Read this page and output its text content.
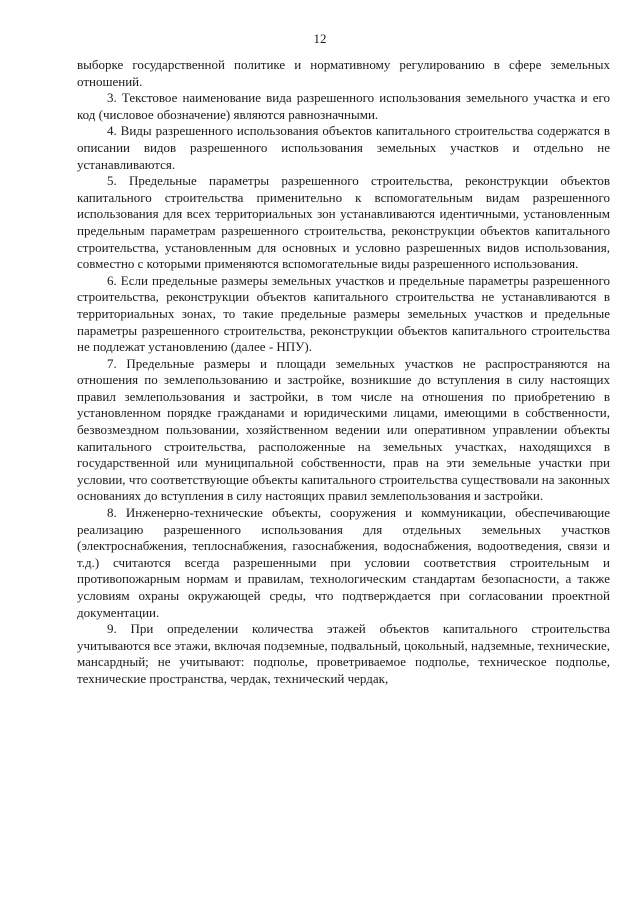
12

выборке государственной политике и нормативному регулированию в сфере земельных отношений.

3. Текстовое наименование вида разрешенного использования земельного участка и его код (числовое обозначение) являются равнозначными.

4. Виды разрешенного использования объектов капитального строительства содержатся в описании видов разрешенного использования земельных участков и отдельно не устанавливаются.

5. Предельные параметры разрешенного строительства, реконструкции объектов капитального строительства применительно к вспомогательным видам разрешенного использования для всех территориальных зон устанавливаются идентичными, установленным предельным параметрам разрешенного строительства, реконструкции объектов капитального строительства, установленным для основных и условно разрешенных видов использования, совместно с которыми применяются вспомогательные виды разрешенного использования.

6. Если предельные размеры земельных участков и предельные параметры разрешенного строительства, реконструкции объектов капитального строительства не устанавливаются в территориальных зонах, то такие предельные размеры земельных участков и предельные параметры разрешенного строительства, реконструкции объектов капитального строительства не подлежат установлению (далее - НПУ).

7. Предельные размеры и площади земельных участков не распространяются на отношения по землепользованию и застройке, возникшие до вступления в силу настоящих правил землепользования и застройки, в том числе на отношения по приобретению в установленном порядке гражданами и юридическими лицами, имеющими в собственности, безвозмездном пользовании, хозяйственном ведении или оперативном управлении объекты капитального строительства, расположенные на земельных участках, находящихся в государственной или муниципальной собственности, прав на эти земельные участки при условии, что соответствующие объекты капитального строительства существовали на законных основаниях до вступления в силу настоящих правил землепользования и застройки.

8. Инженерно-технические объекты, сооружения и коммуникации, обеспечивающие реализацию разрешенного использования для отдельных земельных участков (электроснабжения, теплоснабжения, газоснабжения, водоснабжения, водоотведения, связи и т.д.) считаются всегда разрешенными при условии соответствия строительным и противопожарным нормам и правилам, технологическим стандартам безопасности, а также условиям охраны окружающей среды, что подтверждается при согласовании проектной документации.

9. При определении количества этажей объектов капитального строительства учитываются все этажи, включая подземные, подвальный, цокольный, надземные, технические, мансардный; не учитывают: подполье, проветриваемое подполье, техническое подполье, технические пространства, чердак, технический чердак,
